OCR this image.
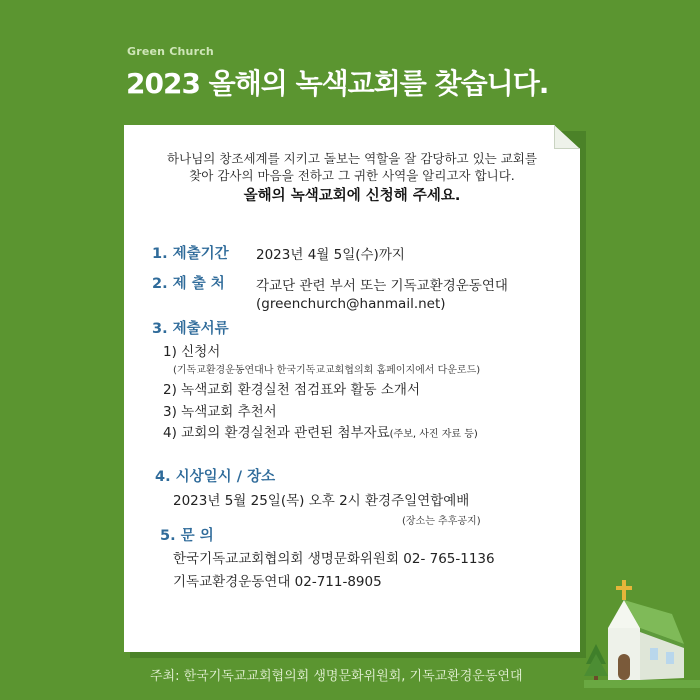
Green Church
2023 올해의 녹색교회를 찾습니다.
하나님의 창조세계를 지키고 돌보는 역할을 잘 감당하고 있는 교회를
찾아 감사의 마음을 전하고 그 귀한 사역을 알리고자 합니다.
올해의 녹색교회에 신청해 주세요.
1. 제출기간 2023년 4월 5일(수)까지
2. 제 출 처 각교단 관련 부서 또는 기독교환경운동연대
(greenchurch@hanmail.net)
3. 제출서류
1) 신청서
(기독교환경운동연대나 한국기독교교회협의회 홈페이지에서 다운로드)
2) 녹색교회 환경실천 점검표와 활동 소개서
3) 녹색교회 추천서
4) 교회의 환경실천과 관련된 첨부자료(주보, 사진 자료 등)
4. 시상일시 / 장소
2023년 5월 25일(목) 오후 2시 환경주일연합예배
(장소는 추후공지)
5. 문 의
한국기독교교회협의회 생명문화위원회 02- 765-1136
기독교환경운동연대 02-711-8905
주최: 한국기독교교회협의회 생명문화위원회, 기독교환경운동연대
